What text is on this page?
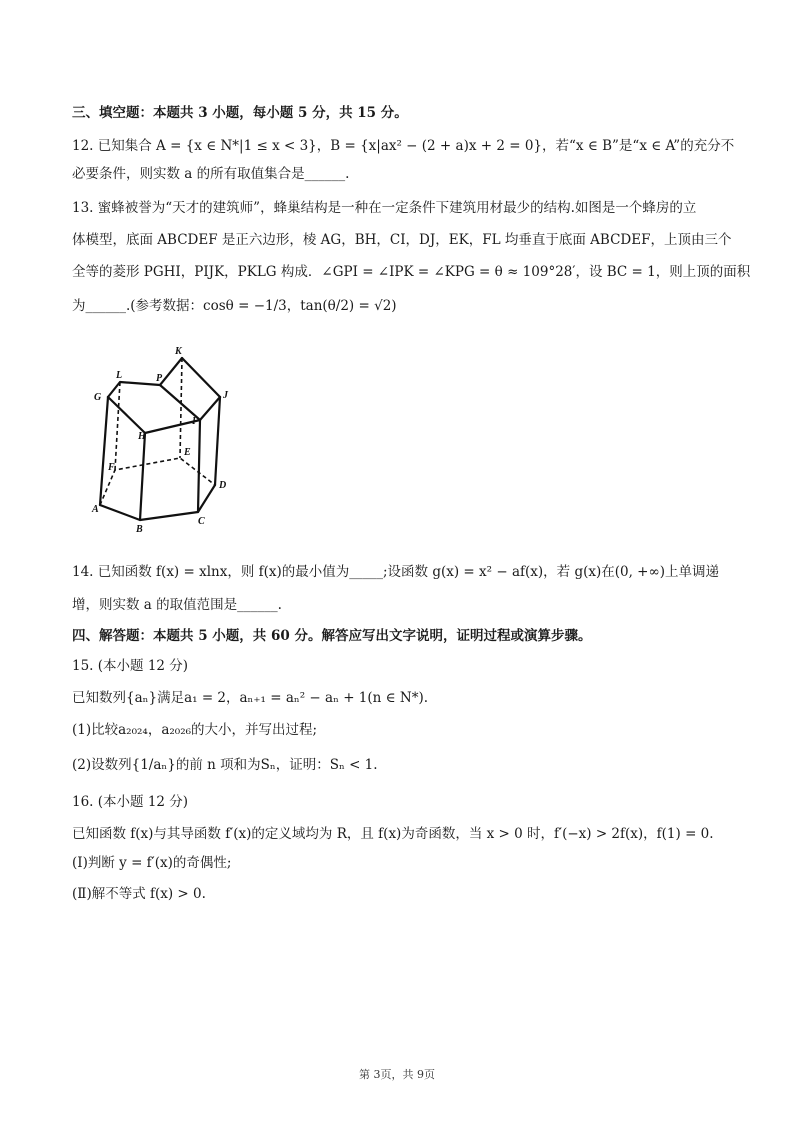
三、填空题：本题共 3 小题，每小题 5 分，共 15 分。
12. 已知集合 A = {x ∈ N*|1 ≤ x < 3}，B = {x|ax² − (2 + a)x + 2 = 0}，若“x ∈ B”是“x ∈ A”的充分不
必要条件，则实数 a 的所有取值集合是______.
13. 蜜蜂被誉为“天才的建筑师”，蜂巢结构是一种在一定条件下建筑用材最少的结构.如图是一个蜂房的立
体模型，底面 ABCDEF 是正六边形，棱 AG，BH，CI，DJ，EK，FL 均垂直于底面 ABCDEF，上顶由三个
全等的菱形 PGHI，PIJK，PKLG 构成．∠GPI = ∠IPK = ∠KPG = θ ≈ 109°28′，设 BC = 1，则上顶的面积
为______.(参考数据：cosθ = −1/3，tan(θ/2) = √2)
K
L	P
G	J
H
I
F
E
D
A
B
C
14. 已知函数 f(x) = xlnx，则 f(x)的最小值为_____;设函数 g(x) = x² − af(x)，若 g(x)在(0, +∞)上单调递
增，则实数 a 的取值范围是______.
四、解答题：本题共 5 小题，共 60 分。解答应写出文字说明，证明过程或演算步骤。
15. (本小题 12 分)
已知数列{aₙ}满足a₁ = 2，aₙ₊₁ = aₙ² − aₙ + 1(n ∈ N*).
(1)比较a₂₀₂₄，a₂₀₂₆的大小，并写出过程;
(2)设数列{1/aₙ}的前 n 项和为Sₙ，证明：Sₙ < 1.
16. (本小题 12 分)
已知函数 f(x)与其导函数 f′(x)的定义域均为 R，且 f(x)为奇函数，当 x > 0 时，f′(−x) > 2f(x)，f(1) = 0.
(Ⅰ)判断 y = f′(x)的奇偶性;
(Ⅱ)解不等式 f(x) > 0.
第 3页，共 9页
